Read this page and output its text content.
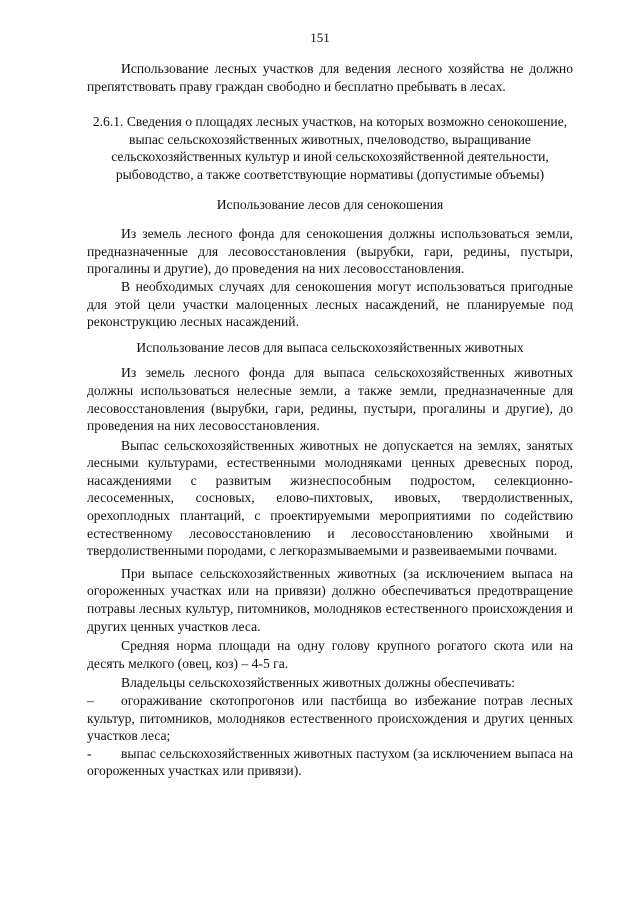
151

Использование лесных участков для ведения лесного хозяйства не должно препятствовать праву граждан свободно и бесплатно пребывать в лесах.

2.6.1. Сведения о площадях лесных участков, на которых возможно сенокошение, выпас сельскохозяйственных животных, пчеловодство, выращивание сельскохозяйственных культур и иной сельскохозяйственной деятельности, рыбоводство, а также соответствующие нормативы (допустимые объемы)

Использование лесов для сенокошения

Из земель лесного фонда для сенокошения должны использоваться земли, предназначенные для лесовосстановления (вырубки, гари, редины, пустыри, прогалины и другие), до проведения на них лесовосстановления.

В необходимых случаях для сенокошения могут использоваться пригодные для этой цели участки малоценных лесных насаждений, не планируемые под реконструкцию лесных насаждений.

Использование лесов для выпаса сельскохозяйственных животных

Из земель лесного фонда для выпаса сельскохозяйственных животных должны использоваться нелесные земли, а также земли, предназначенные для лесовосстановления (вырубки, гари, редины, пустыри, прогалины и другие), до проведения на них лесовосстановления.

Выпас сельскохозяйственных животных не допускается на землях, занятых лесными культурами, естественными молодняками ценных древесных пород, насаждениями с развитым жизнеспособным подростом, селекционно-лесосеменных, сосновых, елово-пихтовых, ивовых, твердолиственных, орехоплодных плантаций, с проектируемыми мероприятиями по содействию естественному лесовосстановлению и лесовосстановлению хвойными и твердолиственными породами, с легкоразмываемыми и развеиваемыми почвами.

При выпасе сельскохозяйственных животных (за исключением выпаса на огороженных участках или на привязи) должно обеспечиваться предотвращение потравы лесных культур, питомников, молодняков естественного происхождения и других ценных участков леса.

Средняя норма площади на одну голову крупного рогатого скота или на десять мелкого (овец, коз) – 4-5 га.

Владельцы сельскохозяйственных животных должны обеспечивать:

– огораживание скотопрогонов или пастбища во избежание потрав лесных культур, питомников, молодняков естественного происхождения и других ценных участков леса;

- выпас сельскохозяйственных животных пастухом (за исключением выпаса на огороженных участках или привязи).
